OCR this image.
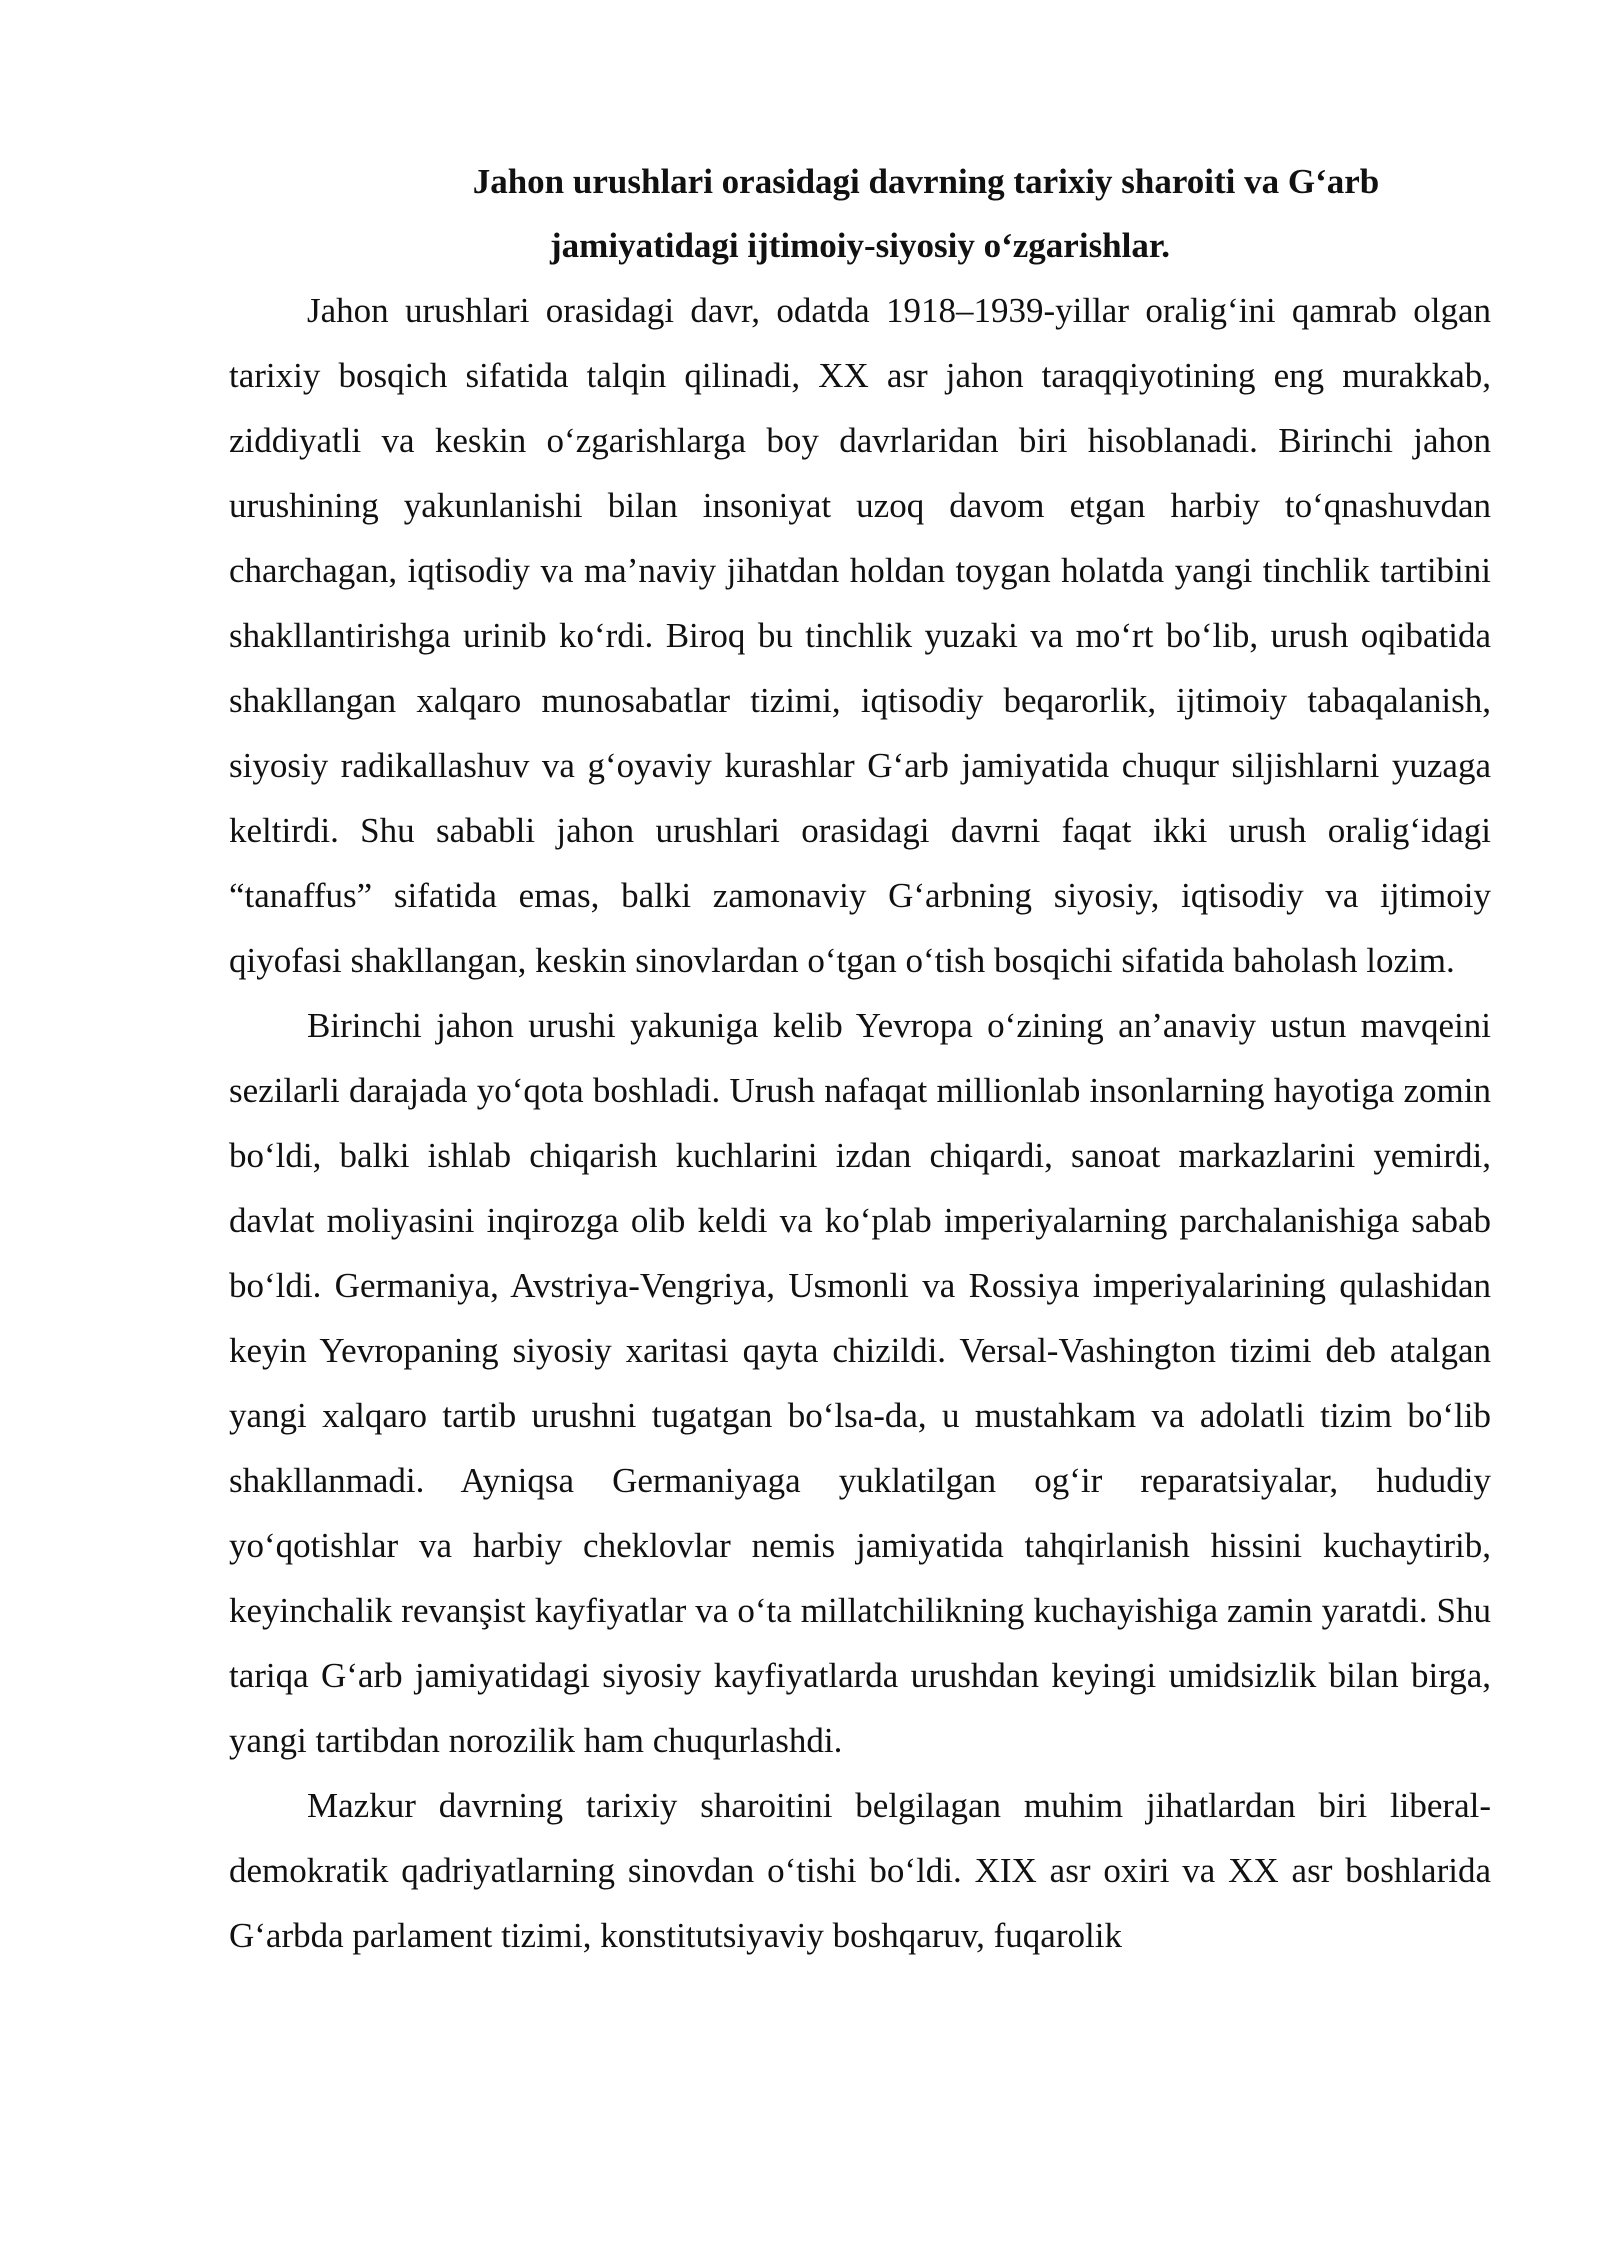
Jahon urushlari orasidagi davrning tarixiy sharoiti va G‘arb
jamiyatidagi ijtimoiy-siyosiy o‘zgarishlar.

Jahon urushlari orasidagi davr, odatda 1918–1939-yillar oralig‘ini qamrab olgan tarixiy bosqich sifatida talqin qilinadi, XX asr jahon taraqqiyotining eng murakkab, ziddiyatli va keskin o‘zgarishlarga boy davrlaridan biri hisoblanadi. Birinchi jahon urushining yakunlanishi bilan insoniyat uzoq davom etgan harbiy to‘qnashuvdan charchagan, iqtisodiy va ma’naviy jihatdan holdan toygan holatda yangi tinchlik tartibini shakllantirishga urinib ko‘rdi. Biroq bu tinchlik yuzaki va mo‘rt bo‘lib, urush oqibatida shakllangan xalqaro munosabatlar tizimi, iqtisodiy beqarorlik, ijtimoiy tabaqalanish, siyosiy radikallashuv va g‘oyaviy kurashlar G‘arb jamiyatida chuqur siljishlarni yuzaga keltirdi. Shu sababli jahon urushlari orasidagi davrni faqat ikki urush oralig‘idagi “tanaffus” sifatida emas, balki zamonaviy G‘arbning siyosiy, iqtisodiy va ijtimoiy qiyofasi shakllangan, keskin sinovlardan o‘tgan o‘tish bosqichi sifatida baholash lozim.

Birinchi jahon urushi yakuniga kelib Yevropa o‘zining an’anaviy ustun mavqeini sezilarli darajada yo‘qota boshladi. Urush nafaqat millionlab insonlarning hayotiga zomin bo‘ldi, balki ishlab chiqarish kuchlarini izdan chiqardi, sanoat markazlarini yemirdi, davlat moliyasini inqirozga olib keldi va ko‘plab imperiyalarning parchalanishiga sabab bo‘ldi. Germaniya, Avstriya-Vengriya, Usmonli va Rossiya imperiyalarining qulashidan keyin Yevropaning siyosiy xaritasi qayta chizildi. Versal-Vashington tizimi deb atalgan yangi xalqaro tartib urushni tugatgan bo‘lsa-da, u mustahkam va adolatli tizim bo‘lib shakllanmadi. Ayniqsa Germaniyaga yuklatilgan og‘ir reparatsiyalar, hududiy yo‘qotishlar va harbiy cheklovlar nemis jamiyatida tahqirlanish hissini kuchaytirib, keyinchalik revanşist kayfiyatlar va o‘ta millatchilikning kuchayishiga zamin yaratdi. Shu tariqa G‘arb jamiyatidagi siyosiy kayfiyatlarda urushdan keyingi umidsizlik bilan birga, yangi tartibdan norozilik ham chuqurlashdi.

Mazkur davrning tarixiy sharoitini belgilagan muhim jihatlardan biri liberal-demokratik qadriyatlarning sinovdan o‘tishi bo‘ldi. XIX asr oxiri va XX asr boshlarida G‘arbda parlament tizimi, konstitutsiyaviy boshqaruv, fuqarolik
